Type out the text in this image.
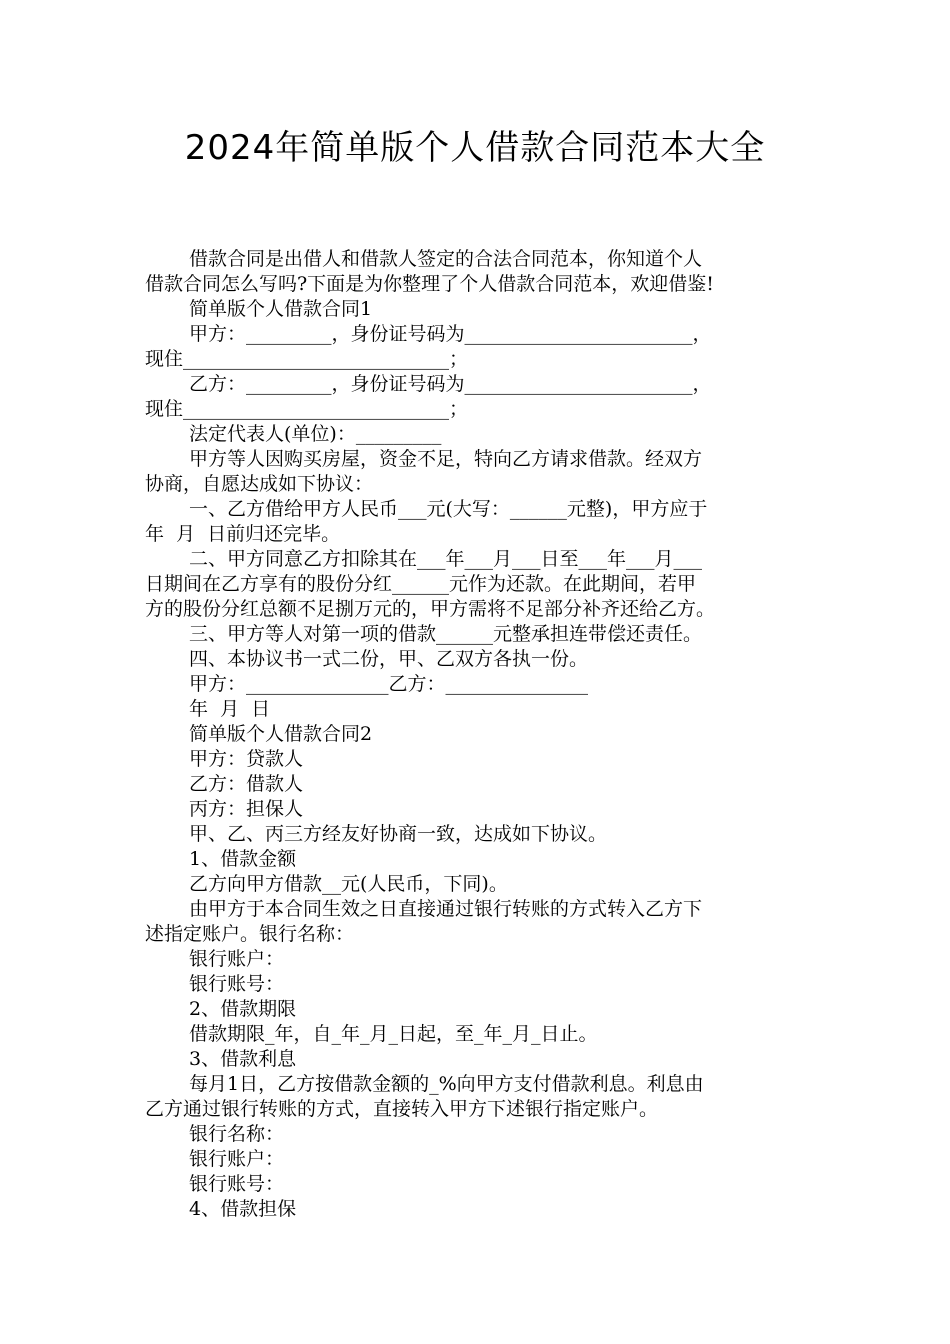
2024年简单版个人借款合同范本大全
借款合同是出借人和借款人签定的合法合同范本，你知道个人
借款合同怎么写吗?下面是为你整理了个人借款合同范本，欢迎借鉴!
简单版个人借款合同1
甲方：_________，身份证号码为________________________，
现住____________________________；
乙方：_________，身份证号码为________________________，
现住____________________________；
法定代表人(单位)：_________
甲方等人因购买房屋，资金不足，特向乙方请求借款。经双方
协商，自愿达成如下协议：
一、乙方借给甲方人民币___元(大写：______元整)，甲方应于
年  月  日前归还完毕。
二、甲方同意乙方扣除其在___年___月___日至___年___月___
日期间在乙方享有的股份分红______元作为还款。在此期间，若甲
方的股份分红总额不足捌万元的，甲方需将不足部分补齐还给乙方。
三、甲方等人对第一项的借款______元整承担连带偿还责任。
四、本协议书一式二份，甲、乙双方各执一份。
甲方：_______________乙方：_______________
年  月  日
简单版个人借款合同2
甲方：贷款人
乙方：借款人
丙方：担保人
甲、乙、丙三方经友好协商一致，达成如下协议。
1、借款金额
乙方向甲方借款__元(人民币，下同)。
由甲方于本合同生效之日直接通过银行转账的方式转入乙方下
述指定账户。银行名称：
银行账户：
银行账号：
2、借款期限
借款期限_年，自_年_月_日起，至_年_月_日止。
3、借款利息
每月1日，乙方按借款金额的_%向甲方支付借款利息。利息由
乙方通过银行转账的方式，直接转入甲方下述银行指定账户。
银行名称：
银行账户：
银行账号：
4、借款担保
